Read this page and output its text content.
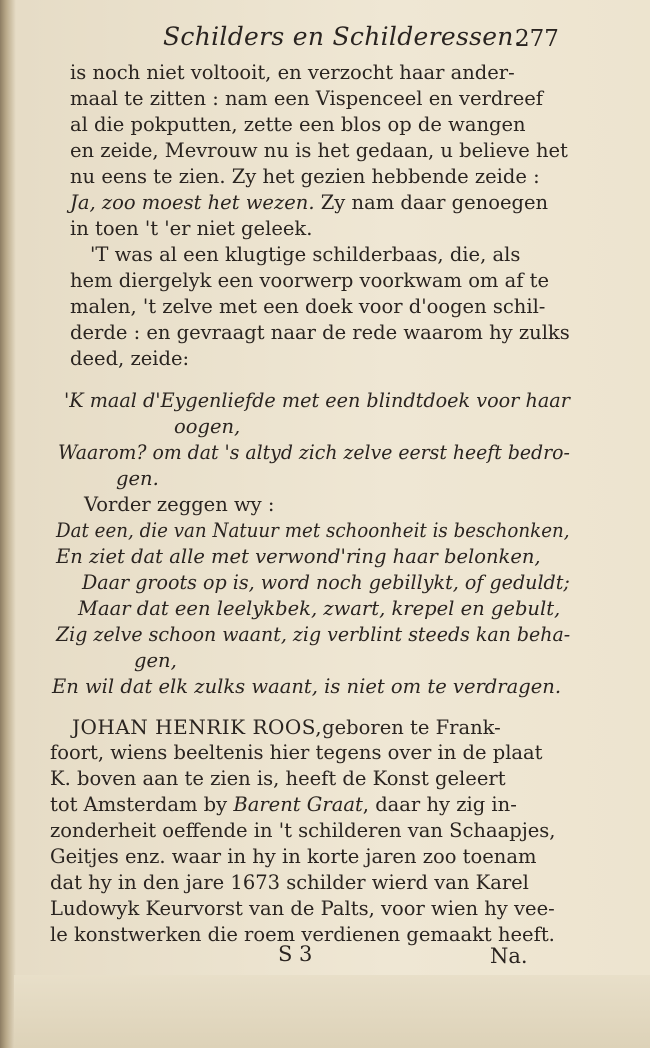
Schilders en Schilderessen.
277
is noch niet voltooit, en verzocht haar ander-
maal te zitten : nam een Vispenceel en verdreef
al die pokputten, zette een blos op de wangen
en zeide, Mevrouw nu is het gedaan, u believe het
nu eens te zien. Zy het gezien hebbende zeide :
Ja, zoo moest het wezen. Zy nam daar genoegen
in toen 't 'er niet geleek.
'T was al een klugtige schilderbaas, die, als
hem diergelyk een voorwerp voorkwam om af te
malen, 't zelve met een doek voor d'oogen schil-
derde : en gevraagt naar de rede waarom hy zulks
deed, zeide:
'K maal d'Eygenliefde met een blindtdoek voor haar
oogen,
Waarom? om dat 's altyd zich zelve eerst heeft bedro-
gen.
Vorder zeggen wy :
Dat een, die van Natuur met schoonheit is beschonken,
En ziet dat alle met verwond'ring haar belonken,
Daar groots op is, word noch gebillykt, of geduldt;
Maar dat een leelykbek, zwart, krepel en gebult,
Zig zelve schoon waant, zig verblint steeds kan beha-
gen,
En wil dat elk zulks waant, is niet om te verdragen.
JOHAN HENRIK ROOS,geboren te Frank-
foort, wiens beeltenis hier tegens over in de plaat
K. boven aan te zien is, heeft de Konst geleert
tot Amsterdam by Barent Graat, daar hy zig in-
zonderheit oeffende in 't schilderen van Schaapjes,
Geitjes enz. waar in hy in korte jaren zoo toenam
dat hy in den jare 1673 schilder wierd van Karel
Ludowyk Keurvorst van de Palts, voor wien hy vee-
le konstwerken die roem verdienen gemaakt heeft.
S 3	Na.
